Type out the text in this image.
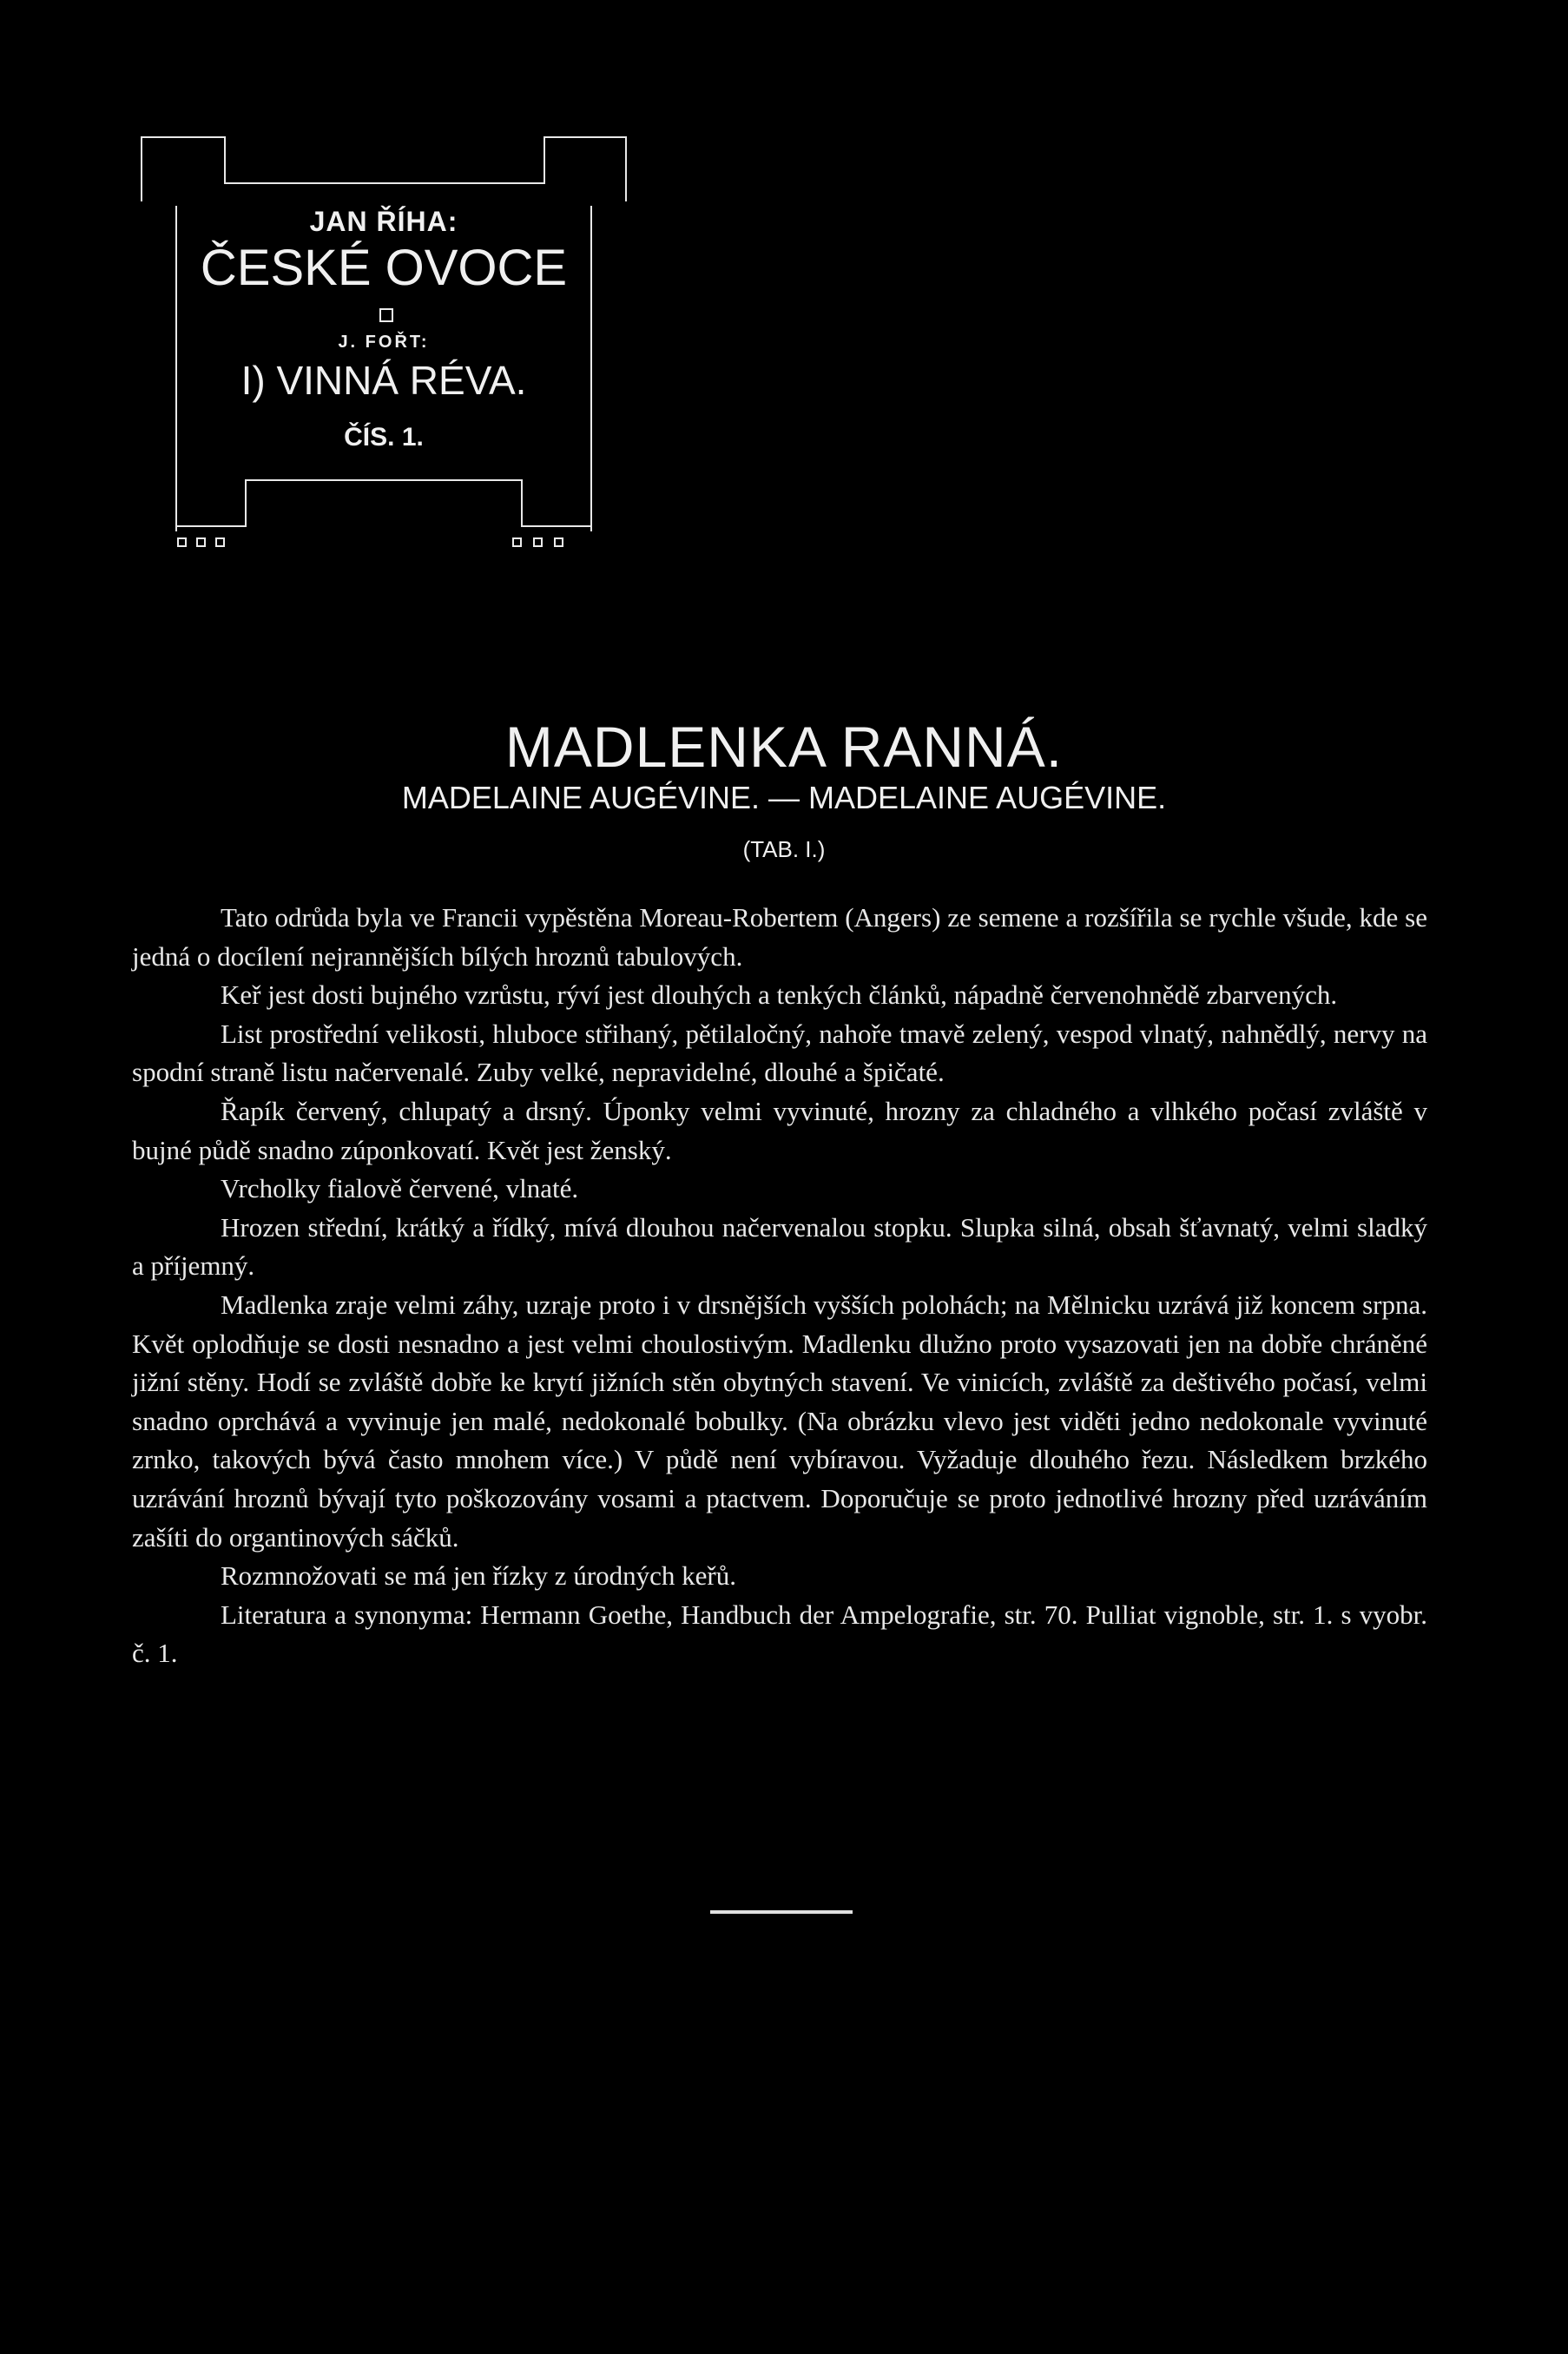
JAN ŘÍHA:
ČESKÉ OVOCE
J. FOŘT:
I) VINNÁ RÉVA.
ČÍS. 1.
MADLENKA RANNÁ.
MADELAINE AUGÉVINE. — MADELAINE AUGÉVINE.
(TAB. I.)

Tato odrůda byla ve Francii vypěstěna Moreau-Robertem (Angers) ze semene a rozšířila se rychle všude, kde se jedná o docílení nejrannějších bílých hroznů tabulových.

Keř jest dosti bujného vzrůstu, rýví jest dlouhých a tenkých článků, nápadně červenohnědě zbarvených.

List prostřední velikosti, hluboce střihaný, pětilaločný, nahoře tmavě zelený, vespod vlnatý, nahnědlý, nervy na spodní straně listu načervenalé. Zuby velké, nepravidelné, dlouhé a špičaté.

Řapík červený, chlupatý a drsný. Úponky velmi vyvinuté, hrozny za chladného a vlhkého počasí zvláště v bujné půdě snadno zúponkovatí. Květ jest ženský.

Vrcholky fialově červené, vlnaté.

Hrozen střední, krátký a řídký, mívá dlouhou načervenalou stopku. Slupka silná, obsah šťavnatý, velmi sladký a příjemný.

Madlenka zraje velmi záhy, uzraje proto i v drsnějších vyšších polohách; na Mělnicku uzrává již koncem srpna. Květ oplodňuje se dosti nesnadno a jest velmi choulostivým. Madlenku dlužno proto vysazovati jen na dobře chráněné jižní stěny. Hodí se zvláště dobře ke krytí jižních stěn obytných stavení. Ve vinicích, zvláště za deštivého počasí, velmi snadno oprchává a vyvinuje jen malé, nedokonalé bobulky. (Na obrázku vlevo jest viděti jedno nedokonale vyvinuté zrnko, takových bývá často mnohem více.) V půdě není vybíravou. Vyžaduje dlouhého řezu. Následkem brzkého uzrávání hroznů bývají tyto poškozovány vosami a ptactvem. Doporučuje se proto jednotlivé hrozny před uzráváním zašíti do organtinových sáčků.

Rozmnožovati se má jen řízky z úrodných keřů.

Literatura a synonyma: Hermann Goethe, Handbuch der Ampelografie, str. 70. Pulliat vignoble, str. 1. s vyobr. č. 1.
